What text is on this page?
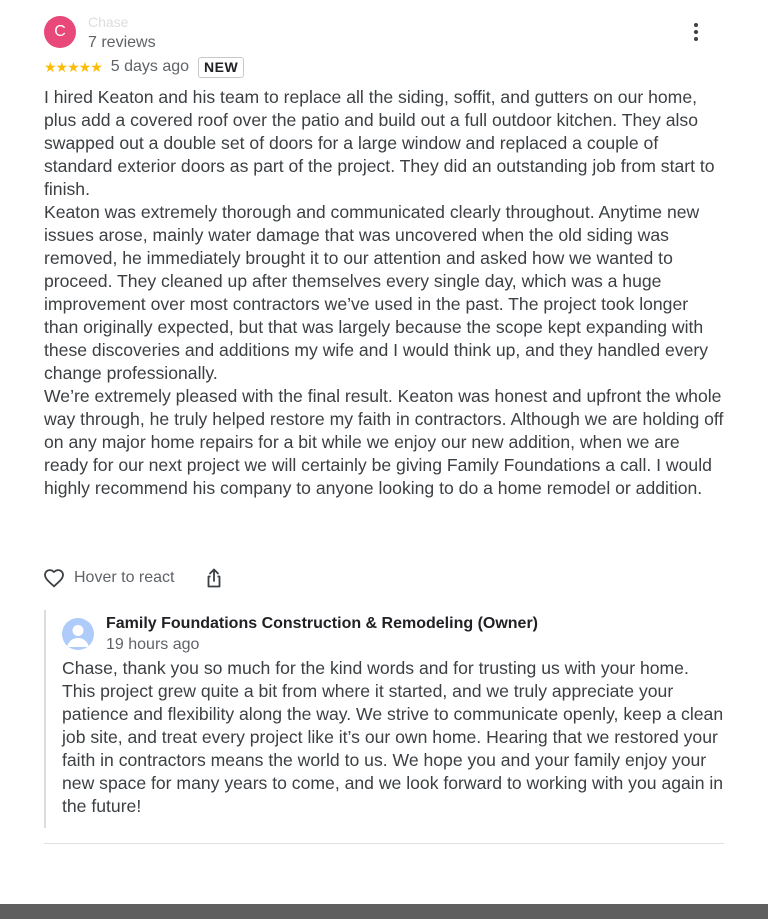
C
Chase
7 reviews
★★★★★ 5 days ago	NEW

I hired Keaton and his team to replace all the siding, soffit, and gutters on our home, plus add a covered roof over the patio and build out a full outdoor kitchen. They also swapped out a double set of doors for a large window and replaced a couple of standard exterior doors as part of the project. They did an outstanding job from start to finish.

Keaton was extremely thorough and communicated clearly throughout. Anytime new issues arose, mainly water damage that was uncovered when the old siding was removed, he immediately brought it to our attention and asked how we wanted to proceed. They cleaned up after themselves every single day, which was a huge improvement over most contractors we’ve used in the past. The project took longer than originally expected, but that was largely because the scope kept expanding with these discoveries and additions my wife and I would think up, and they handled every change professionally.

We’re extremely pleased with the final result. Keaton was honest and upfront the whole way through, he truly helped restore my faith in contractors. Although we are holding off on any major home repairs for a bit while we enjoy our new addition, when we are ready for our next project we will certainly be giving Family Foundations a call. I would highly recommend his company to anyone looking to do a home remodel or addition.

Hover to react
Family Foundations Construction & Remodeling (Owner)
19 hours ago

Chase, thank you so much for the kind words and for trusting us with your home. This project grew quite a bit from where it started, and we truly appreciate your patience and flexibility along the way. We strive to communicate openly, keep a clean job site, and treat every project like it’s our own home. Hearing that we restored your faith in contractors means the world to us. We hope you and your family enjoy your new space for many years to come, and we look forward to working with you again in the future!
